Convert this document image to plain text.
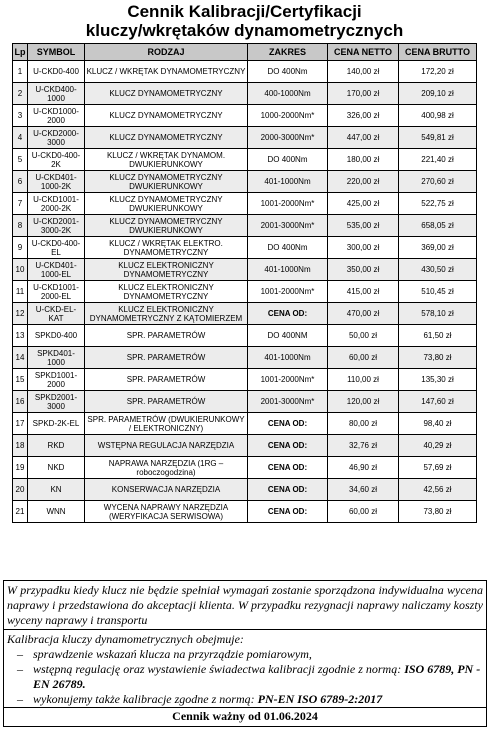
Cennik Kalibracji/Certyfikacji
kluczy/wkrętaków dynamometrycznych
Lp	SYMBOL	RODZAJ	ZAKRES	CENA NETTO	CENA BRUTTO
1	U-CKD0-400	KLUCZ / WKRĘTAK DYNAMOMETRYCZNY	DO 400Nm	140,00 zł	172,20 zł
2	U-CKD400-1000	KLUCZ DYNAMOMETRYCZNY	400-1000Nm	170,00 zł	209,10 zł
3	U-CKD1000-2000	KLUCZ DYNAMOMETRYCZNY	1000-2000Nm*	326,00 zł	400,98 zł
4	U-CKD2000-3000	KLUCZ DYNAMOMETRYCZNY	2000-3000Nm*	447,00 zł	549,81 zł
5	U-CKD0-400-2K	KLUCZ / WKRĘTAK DYNAMOM. DWUKIERUNKOWY	DO 400Nm	180,00 zł	221,40 zł
6	U-CKD401-1000-2K	KLUCZ DYNAMOMETRYCZNY DWUKIERUNKOWY	401-1000Nm	220,00 zł	270,60 zł
7	U-CKD1001-2000-2K	KLUCZ DYNAMOMETRYCZNY DWUKIERUNKOWY	1001-2000Nm*	425,00 zł	522,75 zł
8	U-CKD2001-3000-2K	KLUCZ DYNAMOMETRYCZNY DWUKIERUNKOWY	2001-3000Nm*	535,00 zł	658,05 zł
9	U-CKD0-400-EL	KLUCZ / WKRĘTAK ELEKTRO. DYNAMOMETRYCZNY	DO 400Nm	300,00 zł	369,00 zł
10	U-CKD401-1000-EL	KLUCZ ELEKTRONICZNY DYNAMOMETRYCZNY	401-1000Nm	350,00 zł	430,50 zł
11	U-CKD1001-2000-EL	KLUCZ ELEKTRONICZNY DYNAMOMETRYCZNY	1001-2000Nm*	415,00 zł	510,45 zł
12	U-CKD-EL-KAT	KLUCZ ELEKTRONICZNY DYNAMOMETRYCZNY Z KĄTOMIERZEM	CENA OD:	470,00 zł	578,10 zł
13	SPKD0-400	SPR. PARAMETRÓW	DO 400NM	50,00 zł	61,50 zł
14	SPKD401-1000	SPR. PARAMETRÓW	401-1000Nm	60,00 zł	73,80 zł
15	SPKD1001-2000	SPR. PARAMETRÓW	1001-2000Nm*	110,00 zł	135,30 zł
16	SPKD2001-3000	SPR. PARAMETRÓW	2001-3000Nm*	120,00 zł	147,60 zł
17	SPKD-2K-EL	SPR. PARAMETRÓW (DWUKIERUNKOWY / ELEKTRONICZNY)	CENA OD:	80,00 zł	98,40 zł
18	RKD	WSTĘPNA REGULACJA NARZĘDZIA	CENA OD:	32,76 zł	40,29 zł
19	NKD	NAPRAWA NARZĘDZIA (1RG – roboczogodzina)	CENA OD:	46,90 zł	57,69 zł
20	KN	KONSERWACJA NARZĘDZIA	CENA OD:	34,60 zł	42,56 zł
21	WNN	WYCENA NAPRAWY NARZĘDZIA (WERYFIKACJA SERWISOWA)	CENA OD:	60,00 zł	73,80 zł
W przypadku kiedy klucz nie będzie spełniał wymagań zostanie sporządzona indywidualna wycena naprawy i przedstawiona do akceptacji klienta. W przypadku rezygnacji naprawy naliczamy koszty wyceny naprawy i transportu
Kalibracja kluczy dynamometrycznych obejmuje:
– sprawdzenie wskazań klucza na przyrządzie pomiarowym,
– wstępną regulację oraz wystawienie świadectwa kalibracji zgodnie z normą: ISO 6789, PN - EN 26789.
– wykonujemy także kalibracje zgodne z normą: PN-EN ISO 6789-2:2017
Cennik ważny od 01.06.2024
